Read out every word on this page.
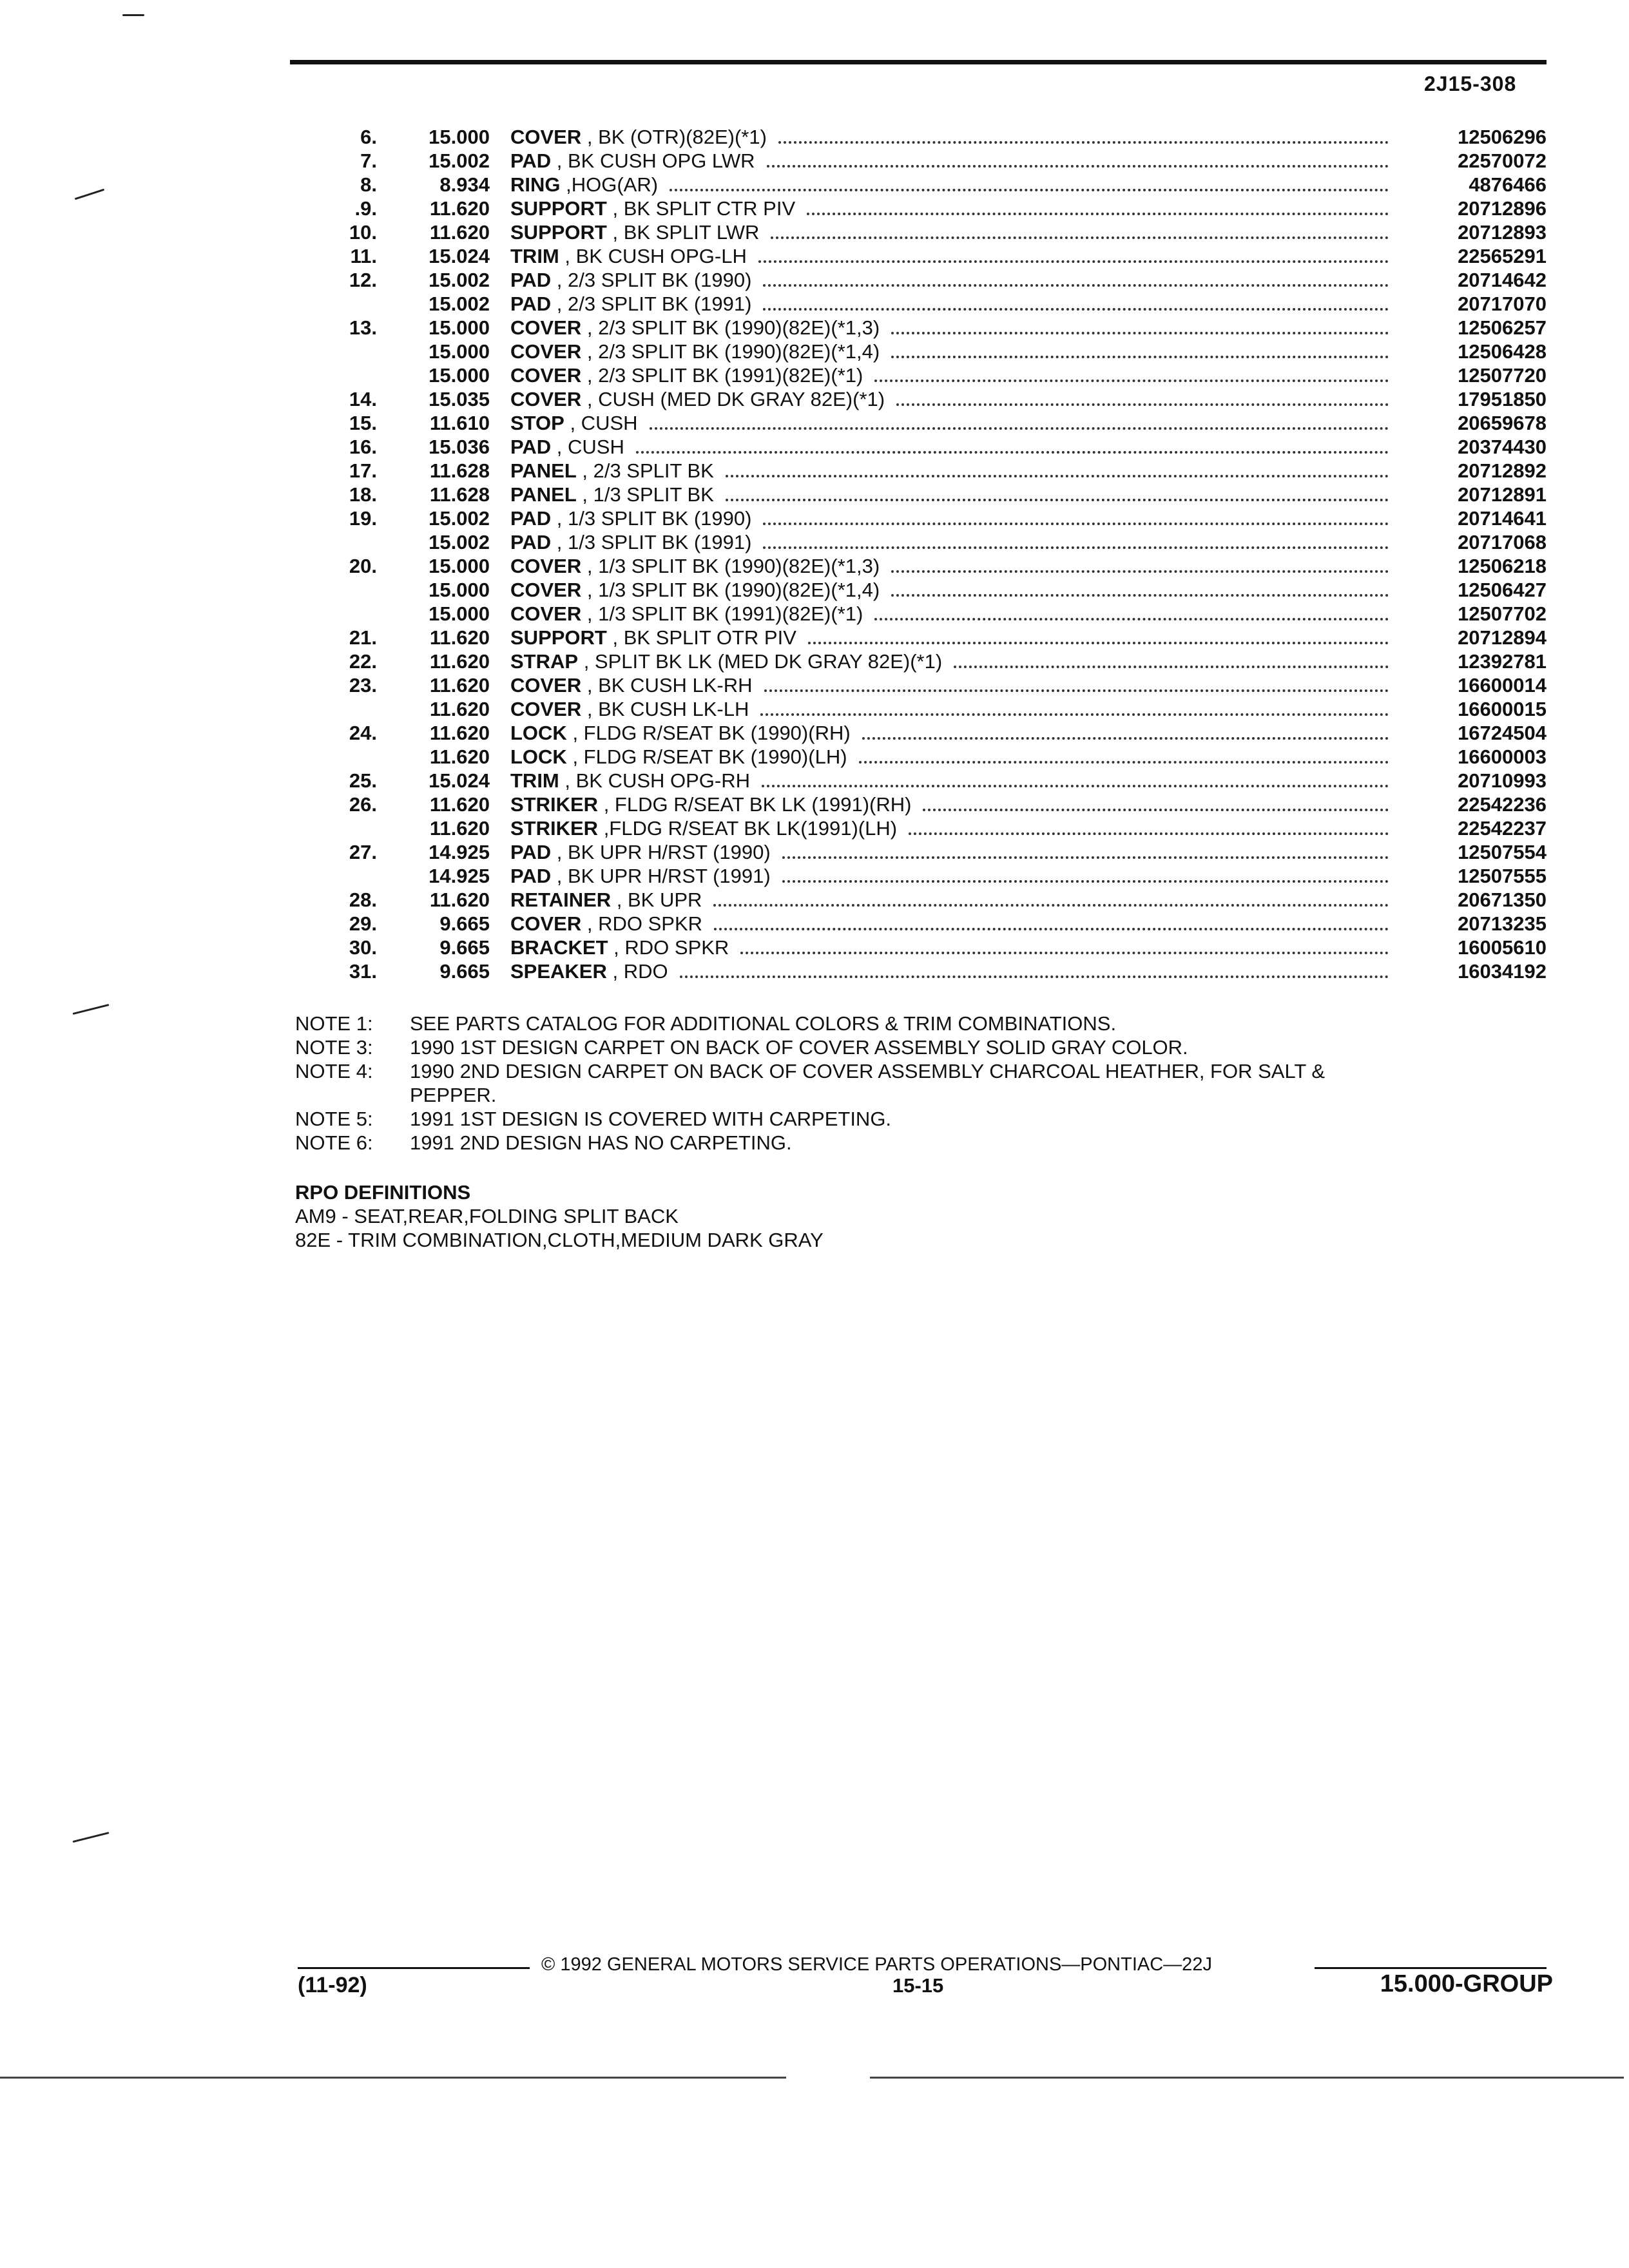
2J15-308
6.	15.000 COVER , BK (OTR)(82E)(*1)	12506296
7.	15.002 PAD , BK CUSH OPG LWR	22570072
8.	8.934 RING ,HOG(AR)	4876466
.9.	11.620 SUPPORT , BK SPLIT CTR PIV	20712896
10.	11.620 SUPPORT , BK SPLIT LWR	20712893
11.	15.024 TRIM , BK CUSH OPG-LH	22565291
12.	15.002 PAD , 2/3 SPLIT BK (1990)	20714642
15.002 PAD , 2/3 SPLIT BK (1991)	20717070
13.	15.000 COVER , 2/3 SPLIT BK (1990)(82E)(*1,3)	12506257
15.000 COVER , 2/3 SPLIT BK (1990)(82E)(*1,4)	12506428
15.000 COVER , 2/3 SPLIT BK (1991)(82E)(*1)	12507720
14.	15.035 COVER , CUSH (MED DK GRAY 82E)(*1)	17951850
15.	11.610 STOP , CUSH	20659678
16.	15.036 PAD , CUSH	20374430
17.	11.628 PANEL , 2/3 SPLIT BK	20712892
18.	11.628 PANEL , 1/3 SPLIT BK	20712891
19.	15.002 PAD , 1/3 SPLIT BK (1990)	20714641
15.002 PAD , 1/3 SPLIT BK (1991)	20717068
20.	15.000 COVER , 1/3 SPLIT BK (1990)(82E)(*1,3)	12506218
15.000 COVER , 1/3 SPLIT BK (1990)(82E)(*1,4)	12506427
15.000 COVER , 1/3 SPLIT BK (1991)(82E)(*1)	12507702
21.	11.620 SUPPORT , BK SPLIT OTR PIV	20712894
22.	11.620 STRAP , SPLIT BK LK (MED DK GRAY 82E)(*1)	12392781
23.	11.620 COVER , BK CUSH LK-RH	16600014
11.620 COVER , BK CUSH LK-LH	16600015
24.	11.620 LOCK , FLDG R/SEAT BK (1990)(RH)	16724504
11.620 LOCK , FLDG R/SEAT BK (1990)(LH)	16600003
25.	15.024 TRIM , BK CUSH OPG-RH	20710993
26.	11.620 STRIKER , FLDG R/SEAT BK LK (1991)(RH)	22542236
11.620 STRIKER ,FLDG R/SEAT BK LK(1991)(LH)	22542237
27.	14.925 PAD , BK UPR H/RST (1990)	12507554
14.925 PAD , BK UPR H/RST (1991)	12507555
28.	11.620 RETAINER , BK UPR	20671350
29.	9.665 COVER , RDO SPKR	20713235
30.	9.665 BRACKET , RDO SPKR	16005610
31.	9.665 SPEAKER , RDO	16034192
NOTE 1:	SEE PARTS CATALOG FOR ADDITIONAL COLORS & TRIM COMBINATIONS.
NOTE 3:	1990 1ST DESIGN CARPET ON BACK OF COVER ASSEMBLY SOLID GRAY COLOR.
NOTE 4:	1990 2ND DESIGN CARPET ON BACK OF COVER ASSEMBLY CHARCOAL HEATHER, FOR SALT &
PEPPER.
NOTE 5:	1991 1ST DESIGN IS COVERED WITH CARPETING.
NOTE 6:	1991 2ND DESIGN HAS NO CARPETING.
RPO DEFINITIONS
AM9 - SEAT,REAR,FOLDING SPLIT BACK
82E - TRIM COMBINATION,CLOTH,MEDIUM DARK GRAY
© 1992 GENERAL MOTORS SERVICE PARTS OPERATIONS—PONTIAC—22J
(11-92)	15-15	15.000-GROUP
